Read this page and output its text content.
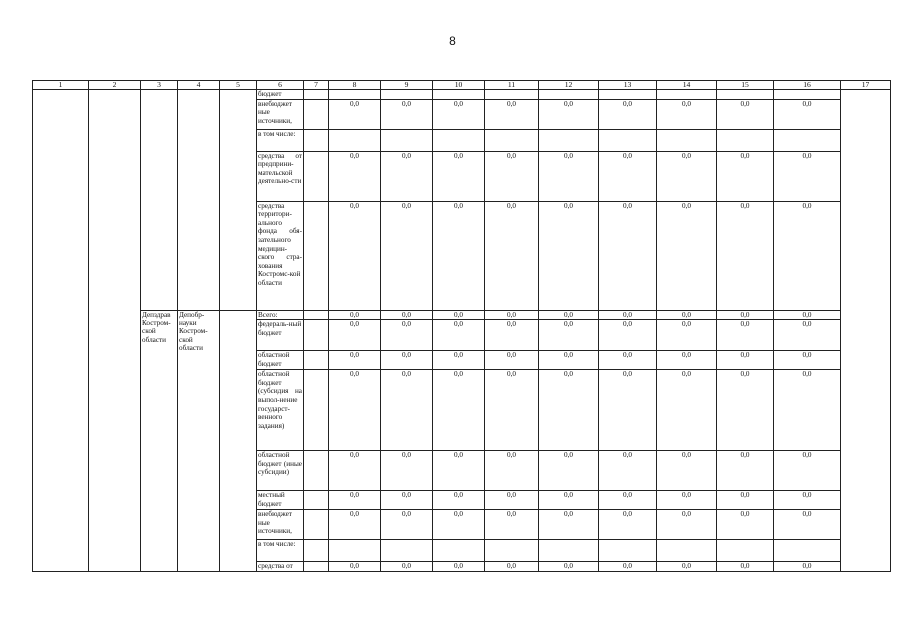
8
1	2	3	4	5	6	7	8	9	10	11	12	13	14	15	16	17
					бюджет											
					внебюджет ные источники,		0,0	0,0	0,0	0,0	0,0	0,0	0,0	0,0	0,0	
					в том числе:											
					средства от предприни-мательской деятельно-сти		0,0	0,0	0,0	0,0	0,0	0,0	0,0	0,0	0,0	
					средства территори-ального фонда обя-зательного медицин-ского стра-хования Костромс-кой области		0,0	0,0	0,0	0,0	0,0	0,0	0,0	0,0	0,0	
		Депздрав Костром-ской области	Депобр-науки Костром-ской области		Всего:		0,0	0,0	0,0	0,0	0,0	0,0	0,0	0,0	0,0	
					федераль-ный бюджет		0,0	0,0	0,0	0,0	0,0	0,0	0,0	0,0	0,0	
					областной бюджет		0,0	0,0	0,0	0,0	0,0	0,0	0,0	0,0	0,0	
					областной бюджет (субсидия на выпол-нение государст-венного задания)		0,0	0,0	0,0	0,0	0,0	0,0	0,0	0,0	0,0	
					областной бюджет (иные субсидии)		0,0	0,0	0,0	0,0	0,0	0,0	0,0	0,0	0,0	
					местный бюджет		0,0	0,0	0,0	0,0	0,0	0,0	0,0	0,0	0,0	
					внебюджет ные источники,		0,0	0,0	0,0	0,0	0,0	0,0	0,0	0,0	0,0	
					в том числе:											
					средства от		0,0	0,0	0,0	0,0	0,0	0,0	0,0	0,0	0,0	
